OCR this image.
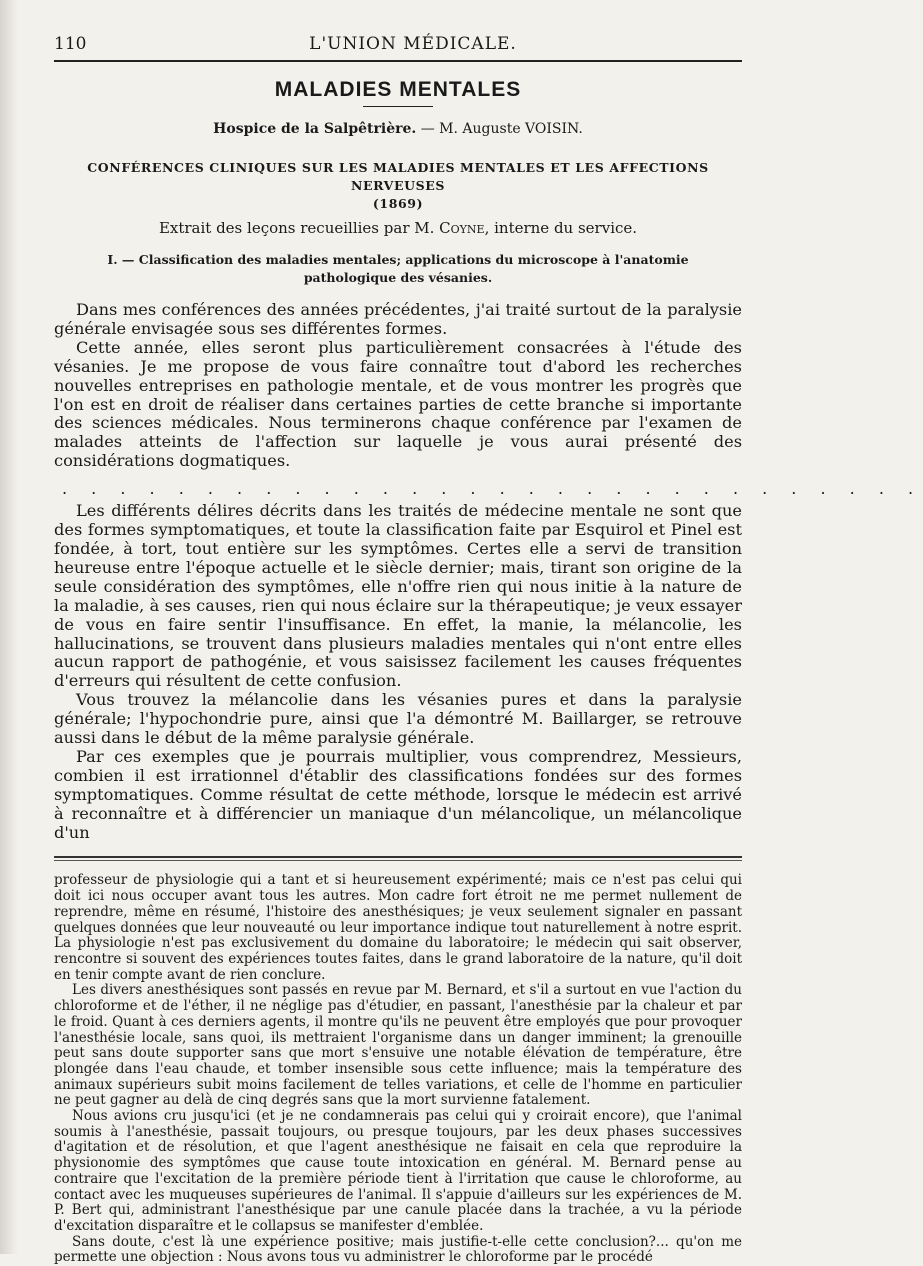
110	L'UNION MÉDICALE.
MALADIES MENTALES
Hospice de la Salpêtrière. — M. Auguste VOISIN.
CONFÉRENCES CLINIQUES SUR LES MALADIES MENTALES ET LES AFFECTIONS NERVEUSES
(1869)
Extrait des leçons recueillies par M. Coyne, interne du service.
I. — Classification des maladies mentales; applications du microscope à l'anatomie
pathologique des vésanies.

Dans mes conférences des années précédentes, j'ai traité surtout de la paralysie générale envisagée sous ses différentes formes.

Cette année, elles seront plus particulièrement consacrées à l'étude des vésanies. Je me propose de vous faire connaître tout d'abord les recherches nouvelles entreprises en pathologie mentale, et de vous montrer les progrès que l'on est en droit de réaliser dans certaines parties de cette branche si importante des sciences médicales. Nous terminerons chaque conférence par l'examen de malades atteints de l'affection sur laquelle je vous aurai présenté des considérations dogmatiques.

. . . . . . . . . . . . . . . . . . . . . . . . . . . . . .

Les différents délires décrits dans les traités de médecine mentale ne sont que des formes symptomatiques, et toute la classification faite par Esquirol et Pinel est fondée, à tort, tout entière sur les symptômes. Certes elle a servi de transition heureuse entre l'époque actuelle et le siècle dernier; mais, tirant son origine de la seule considération des symptômes, elle n'offre rien qui nous initie à la nature de la maladie, à ses causes, rien qui nous éclaire sur la thérapeutique; je veux essayer de vous en faire sentir l'insuffisance. En effet, la manie, la mélancolie, les hallucinations, se trouvent dans plusieurs maladies mentales qui n'ont entre elles aucun rapport de pathogénie, et vous saisissez facilement les causes fréquentes d'erreurs qui résultent de cette confusion.

Vous trouvez la mélancolie dans les vésanies pures et dans la paralysie générale; l'hypochondrie pure, ainsi que l'a démontré M. Baillarger, se retrouve aussi dans le début de la même paralysie générale.

Par ces exemples que je pourrais multiplier, vous comprendrez, Messieurs, combien il est irrationnel d'établir des classifications fondées sur des formes symptomatiques. Comme résultat de cette méthode, lorsque le médecin est arrivé à reconnaître et à différencier un maniaque d'un mélancolique, un mélancolique d'un

professeur de physiologie qui a tant et si heureusement expérimenté; mais ce n'est pas celui qui doit ici nous occuper avant tous les autres. Mon cadre fort étroit ne me permet nullement de reprendre, même en résumé, l'histoire des anesthésiques; je veux seulement signaler en passant quelques données que leur nouveauté ou leur importance indique tout naturellement à notre esprit. La physiologie n'est pas exclusivement du domaine du laboratoire; le médecin qui sait observer, rencontre si souvent des expériences toutes faites, dans le grand laboratoire de la nature, qu'il doit en tenir compte avant de rien conclure.

Les divers anesthésiques sont passés en revue par M. Bernard, et s'il a surtout en vue l'action du chloroforme et de l'éther, il ne néglige pas d'étudier, en passant, l'anesthésie par la chaleur et par le froid. Quant à ces derniers agents, il montre qu'ils ne peuvent être employés que pour provoquer l'anesthésie locale, sans quoi, ils mettraient l'organisme dans un danger imminent; la grenouille peut sans doute supporter sans que mort s'ensuive une notable élévation de température, être plongée dans l'eau chaude, et tomber insensible sous cette influence; mais la température des animaux supérieurs subit moins facilement de telles variations, et celle de l'homme en particulier ne peut gagner au delà de cinq degrés sans que la mort survienne fatalement.

Nous avions cru jusqu'ici (et je ne condamnerais pas celui qui y croirait encore), que l'animal soumis à l'anesthésie, passait toujours, ou presque toujours, par les deux phases successives d'agitation et de résolution, et que l'agent anesthésique ne faisait en cela que reproduire la physionomie des symptômes que cause toute intoxication en général. M. Bernard pense au contraire que l'excitation de la première période tient à l'irritation que cause le chloroforme, au contact avec les muqueuses supérieures de l'animal. Il s'appuie d'ailleurs sur les expériences de M. P. Bert qui, administrant l'anesthésique par une canule placée dans la trachée, a vu la période d'excitation disparaître et le collapsus se manifester d'emblée.

Sans doute, c'est là une expérience positive; mais justifie-t-elle cette conclusion?... qu'on me permette une objection : Nous avons tous vu administrer le chloroforme par le procédé
